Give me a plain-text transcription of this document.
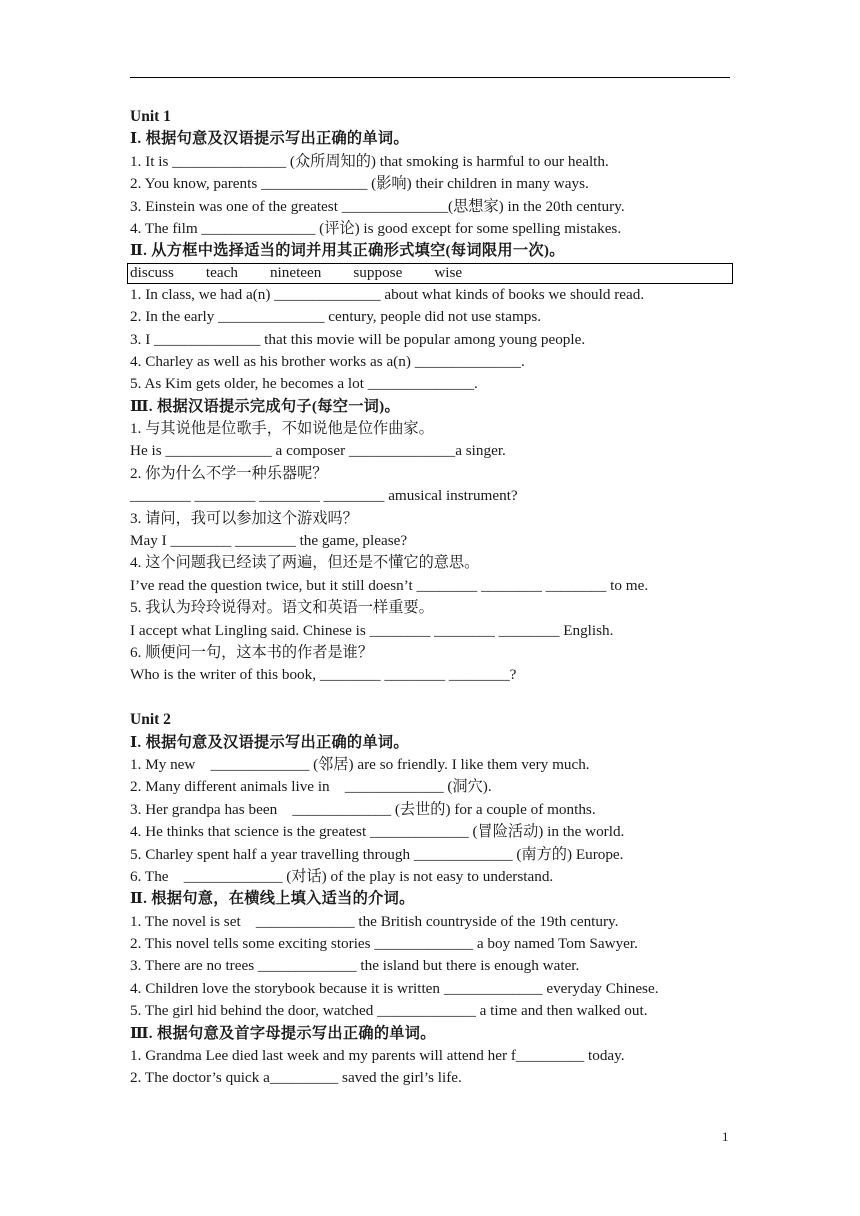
Unit 1
Ⅰ. 根据句意及汉语提示写出正确的单词。
1. It is _______________ (众所周知的) that smoking is harmful to our health.
2. You know, parents ______________ (影响) their children in many ways.
3. Einstein was one of the greatest ______________(思想家) in the 20th century.
4. The film _______________ (评论) is good except for some spelling mistakes.
Ⅱ. 从方框中选择适当的词并用其正确形式填空(每词限用一次)。
discuss teach nineteen suppose wise
1. In class, we had a(n) ______________ about what kinds of books we should read.
2. In the early ______________ century, people did not use stamps.
3. I ______________ that this movie will be popular among young people.
4. Charley as well as his brother works as a(n) ______________.
5. As Kim gets older, he becomes a lot ______________.
Ⅲ. 根据汉语提示完成句子(每空一词)。
1. 与其说他是位歌手，不如说他是位作曲家。
He is ______________ a composer ______________a singer.
2. 你为什么不学一种乐器呢？
________ ________ ________ ________ amusical instrument?
3. 请问，我可以参加这个游戏吗？
May I ________ ________ the game, please?
4. 这个问题我已经读了两遍，但还是不懂它的意思。
I’ve read the question twice, but it still doesn’t ________ ________ ________ to me.
5. 我认为玲玲说得对。语文和英语一样重要。
I accept what Lingling said. Chinese is ________ ________ ________ English.
6. 顺便问一句，这本书的作者是谁？
Who is the writer of this book, ________ ________ ________?
Unit 2
Ⅰ. 根据句意及汉语提示写出正确的单词。
1. My new    _____________ (邻居) are so friendly. I like them very much.
2. Many different animals live in    _____________ (洞穴).
3. Her grandpa has been    _____________ (去世的) for a couple of months.
4. He thinks that science is the greatest _____________ (冒险活动) in the world.
5. Charley spent half a year travelling through _____________ (南方的) Europe.
6. The    _____________ (对话) of the play is not easy to understand.
Ⅱ. 根据句意，在横线上填入适当的介词。
1. The novel is set    _____________ the British countryside of the 19th century.
2. This novel tells some exciting stories _____________ a boy named Tom Sawyer.
3. There are no trees _____________ the island but there is enough water.
4. Children love the storybook because it is written _____________ everyday Chinese.
5. The girl hid behind the door, watched _____________ a time and then walked out.
Ⅲ. 根据句意及首字母提示写出正确的单词。
1. Grandma Lee died last week and my parents will attend her f_________ today.
2. The doctor’s quick a_________ saved the girl’s life.
1
